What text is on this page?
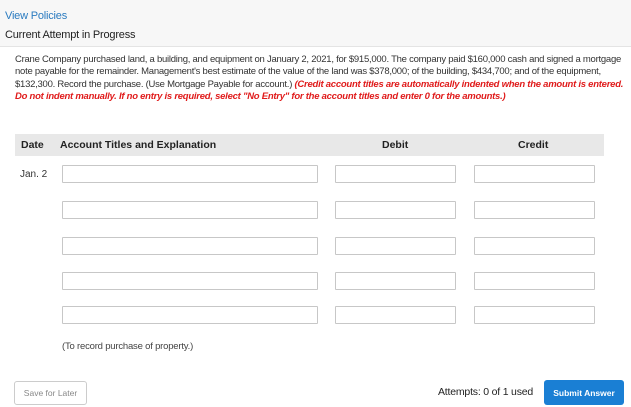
View Policies
Current Attempt in Progress
Crane Company purchased land, a building, and equipment on January 2, 2021, for $915,000. The company paid $160,000 cash and signed a mortgage note payable for the remainder. Management's best estimate of the value of the land was $378,000; of the building, $434,700; and of the equipment, $132,300. Record the purchase. (Use Mortgage Payable for account.) (Credit account titles are automatically indented when the amount is entered. Do not indent manually. If no entry is required, select "No Entry" for the account titles and enter 0 for the amounts.)
Date Account Titles and Explanation	Debit	Credit
Jan. 2
(To record purchase of property.)
Save for Later	Attempts: 0 of 1 used	Submit Answer
